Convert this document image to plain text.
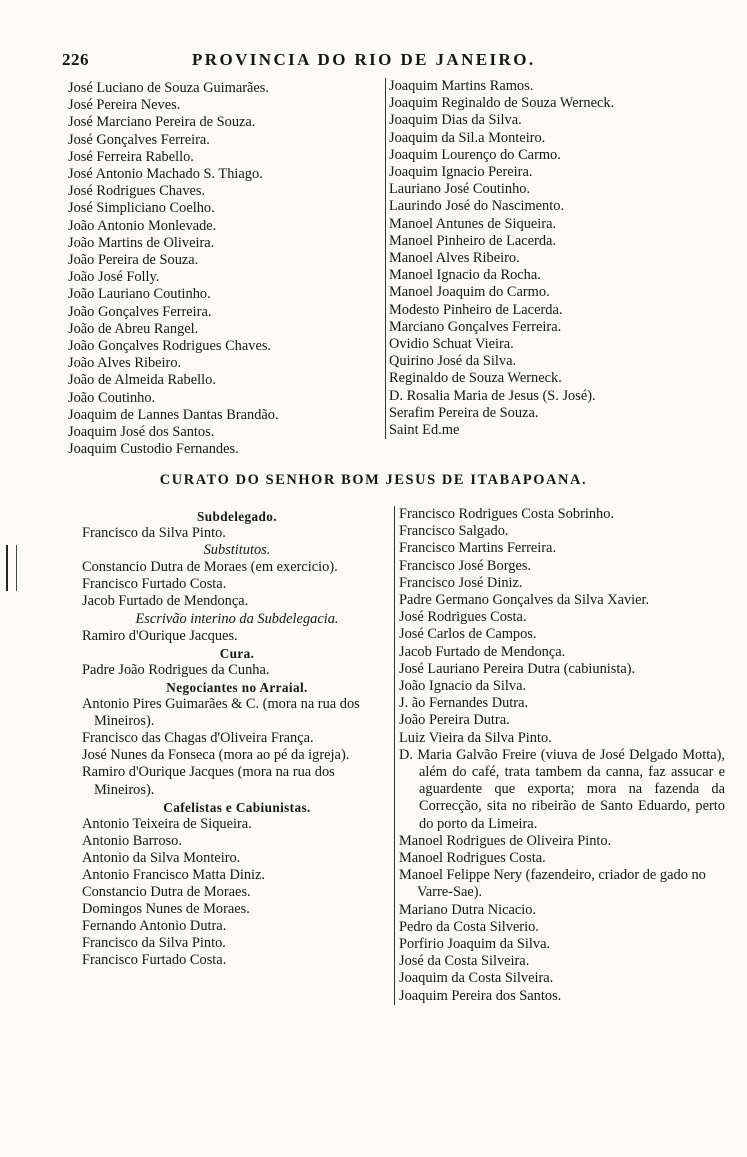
226	PROVINCIA DO RIO DE JANEIRO.
José Luciano de Souza Guimarães.
José Pereira Neves.
José Marciano Pereira de Souza.
José Gonçalves Ferreira.
José Ferreira Rabello.
José Antonio Machado S. Thiago.
José Rodrigues Chaves.
José Simpliciano Coelho.
João Antonio Monlevade.
João Martins de Oliveira.
João Pereira de Souza.
João José Folly.
João Lauriano Coutinho.
João Gonçalves Ferreira.
João de Abreu Rangel.
João Gonçalves Rodrigues Chaves.
João Alves Ribeiro.
João de Almeida Rabello.
João Coutinho.
Joaquim de Lannes Dantas Brandão.
Joaquim José dos Santos.
Joaquim Custodio Fernandes.
Joaquim Martins Ramos.
Joaquim Reginaldo de Souza Werneck.
Joaquim Dias da Silva.
Joaquim da Sil.a Monteiro.
Joaquim Lourenço do Carmo.
Joaquim Ignacio Pereira.
Lauriano José Coutinho.
Laurindo José do Nascimento.
Manoel Antunes de Siqueira.
Manoel Pinheiro de Lacerda.
Manoel Alves Ribeiro.
Manoel Ignacio da Rocha.
Manoel Joaquim do Carmo.
Modesto Pinheiro de Lacerda.
Marciano Gonçalves Ferreira.
Ovidio Schuat Vieira.
Quirino José da Silva.
Reginaldo de Souza Werneck.
D. Rosalia Maria de Jesus (S. José).
Serafim Pereira de Souza.
Saint Ed.me
CURATO DO SENHOR BOM JESUS DE ITABAPOANA.
Subdelegado.
Francisco da Silva Pinto.
Substitutos.
Constancio Dutra de Moraes (em exercicio).
Francisco Furtado Costa.
Jacob Furtado de Mendonça.
Escrivão interino da Subdelegacia.
Ramiro d'Ourique Jacques.
Cura.
Padre João Rodrigues da Cunha.
Negociantes no Arraial.
Antonio Pires Guimarães & C. (mora na rua dos Mineiros).
Francisco das Chagas d'Oliveira França.
José Nunes da Fonseca (mora ao pé da igreja).
Ramiro d'Ourique Jacques (mora na rua dos Mineiros).
Cafelistas e Cabiunistas.
Antonio Teixeira de Siqueira.
Antonio Barroso.
Antonio da Silva Monteiro.
Antonio Francisco Matta Diniz.
Constancio Dutra de Moraes.
Domingos Nunes de Moraes.
Fernando Antonio Dutra.
Francisco da Silva Pinto.
Francisco Furtado Costa.
Francisco Rodrigues Costa Sobrinho.
Francisco Salgado.
Francisco Martins Ferreira.
Francisco José Borges.
Francisco José Diniz.
Padre Germano Gonçalves da Silva Xavier.
José Rodrigues Costa.
José Carlos de Campos.
Jacob Furtado de Mendonça.
José Lauriano Pereira Dutra (cabiunista).
João Ignacio da Silva.
J. ão Fernandes Dutra.
João Pereira Dutra.
Luiz Vieira da Silva Pinto.
D. Maria Galvão Freire (viuva de José Delgado Motta), além do café, trata tambem da canna, faz assucar e aguardente que exporta; mora na fazenda da Correcção, sita no ribeirão de Santo Eduardo, perto do porto da Limeira.
Manoel Rodrigues de Oliveira Pinto.
Manoel Rodrigues Costa.
Manoel Felippe Nery (fazendeiro, criador de gado no Varre-Sae).
Mariano Dutra Nicacio.
Pedro da Costa Silverio.
Porfirio Joaquim da Silva.
José da Costa Silveira.
Joaquim da Costa Silveira.
Joaquim Pereira dos Santos.
